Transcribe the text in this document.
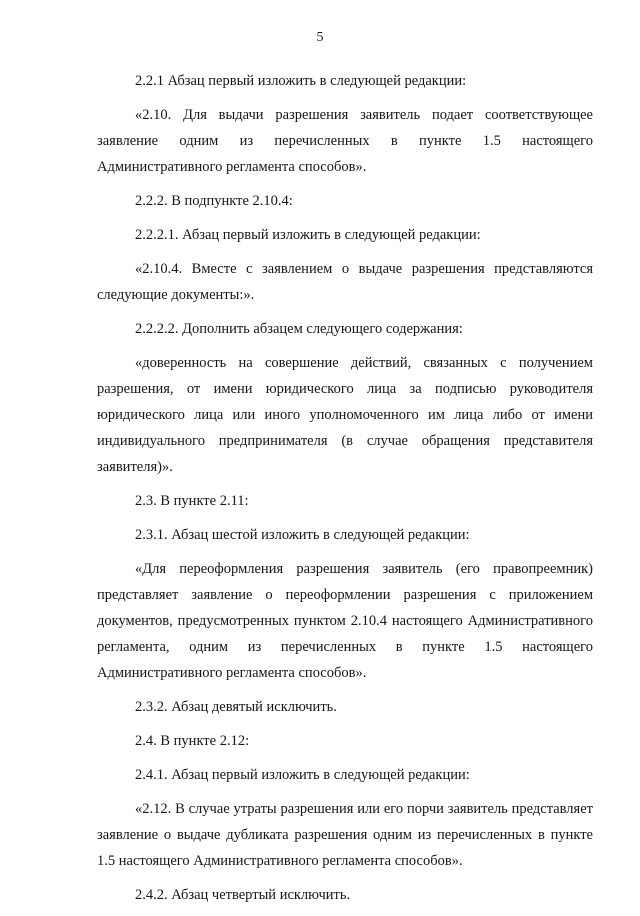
5

2.2.1 Абзац первый изложить в следующей редакции:

«2.10. Для выдачи разрешения заявитель подает соответствующее заявление одним из перечисленных в пункте 1.5 настоящего Административного регламента способов».

2.2.2. В подпункте 2.10.4:

2.2.2.1. Абзац первый изложить в следующей редакции:

«2.10.4. Вместе с заявлением о выдаче разрешения представляются следующие документы:».

2.2.2.2. Дополнить абзацем следующего содержания:

«доверенность на совершение действий, связанных с получением разрешения, от имени юридического лица за подписью руководителя юридического лица или иного уполномоченного им лица либо от имени индивидуального предпринимателя (в случае обращения представителя заявителя)».

2.3. В пункте 2.11:

2.3.1. Абзац шестой изложить в следующей редакции:

«Для переоформления разрешения заявитель (его правопреемник) представляет заявление о переоформлении разрешения с приложением документов, предусмотренных пунктом 2.10.4 настоящего Административного регламента, одним из перечисленных в пункте 1.5 настоящего Административного регламента способов».

2.3.2. Абзац девятый исключить.

2.4. В пункте 2.12:

2.4.1. Абзац первый изложить в следующей редакции:

«2.12. В случае утраты разрешения или его порчи заявитель представляет заявление о выдаче дубликата разрешения одним из перечисленных в пункте 1.5 настоящего Административного регламента способов».

2.4.2. Абзац четвертый исключить.
